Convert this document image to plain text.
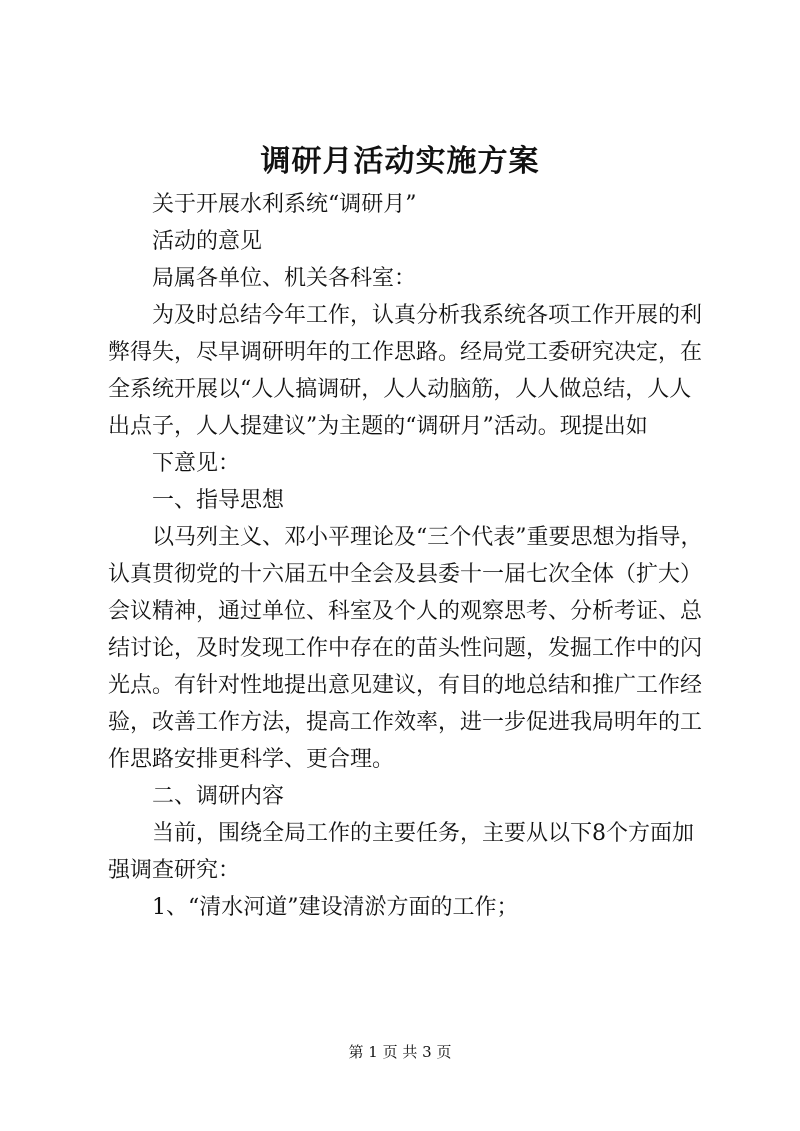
调研月活动实施方案

关于开展水利系统“调研月”

活动的意见

局属各单位、机关各科室：

为及时总结今年工作，认真分析我系统各项工作开展的利弊得失，尽早调研明年的工作思路。经局党工委研究决定，在全系统开展以“人人搞调研，人人动脑筋，人人做总结，人人出点子，人人提建议”为主题的“调研月”活动。现提出如

下意见：

一、指导思想

以马列主义、邓小平理论及“三个代表”重要思想为指导，认真贯彻党的十六届五中全会及县委十一届七次全体（扩大）会议精神，通过单位、科室及个人的观察思考、分析考证、总结讨论，及时发现工作中存在的苗头性问题，发掘工作中的闪光点。有针对性地提出意见建议，有目的地总结和推广工作经验，改善工作方法，提高工作效率，进一步促进我局明年的工作思路安排更科学、更合理。

二、调研内容

当前，围绕全局工作的主要任务，主要从以下8个方面加强调查研究：

1、“清水河道”建设清淤方面的工作；

第 1 页 共 3 页
